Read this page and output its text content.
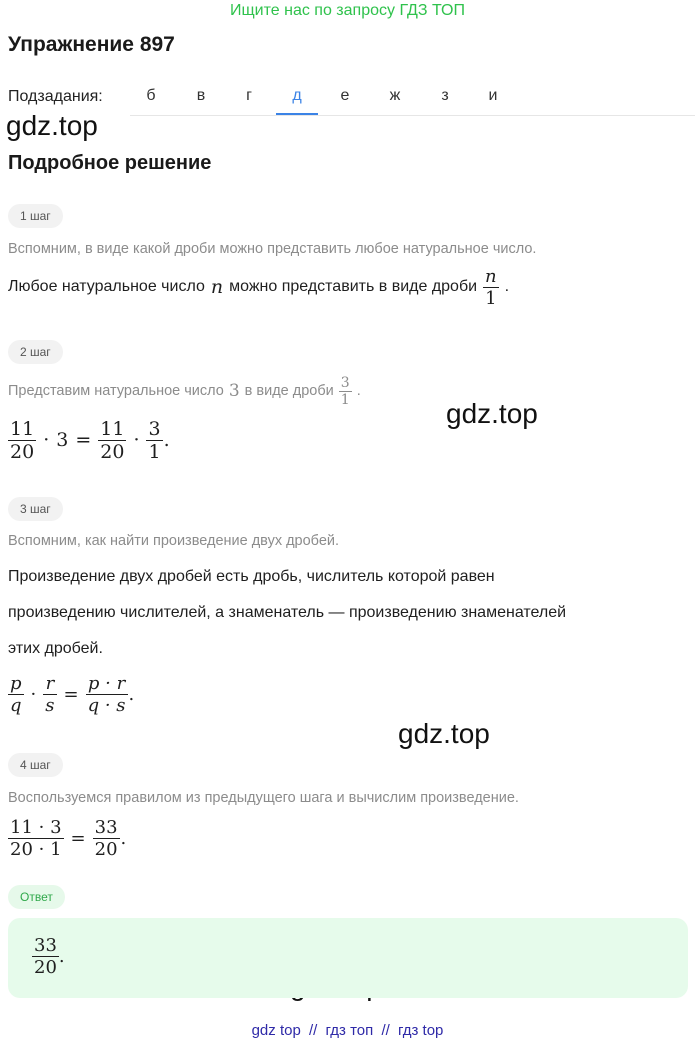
Ищите нас по запросу ГДЗ ТОП
Упражнение 897
Подзадания:	б	в	г	д	е	ж	з	и
gdz.top
gdz.top
gdz.top
Подробное решение
1 шаг
Вспомним, в виде какой дроби можно представить любое натуральное число.
Любое натуральное число n можно представить в виде дроби $\frac{n}{1}$ .
2 шаг
Представим натуральное число 3 в виде дроби $\frac{3}{1}$ .
$\frac{11}{20} \cdot 3 = \frac{11}{20} \cdot \frac{3}{1}$ .
3 шаг
Вспомним, как найти произведение двух дробей.
Произведение двух дробей есть дробь, числитель которой равен
произведению числителей, а знаменатель — произведению знаменателей
этих дробей.
$\frac{p}{q} \cdot \frac{r}{s} = \frac{p \cdot r}{q \cdot s}$ .
4 шаг
Воспользуемся правилом из предыдущего шага и вычислим произведение.
$\frac{11 \cdot 3}{20 \cdot 1} = \frac{33}{20}$ .
Ответ
$\frac{33}{20}$ .
gdz top // гдз топ // гдз top
